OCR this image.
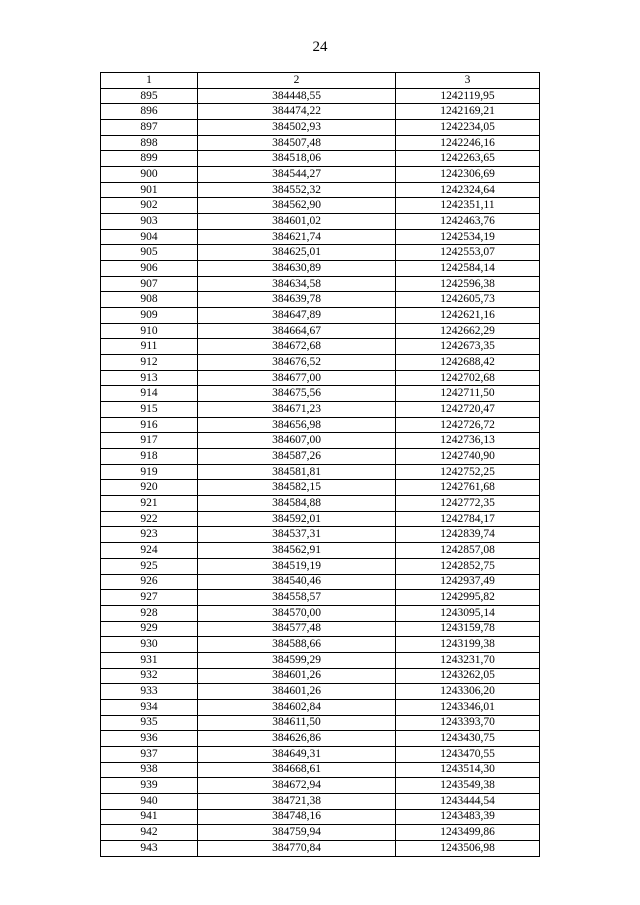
24
1	2	3
895	384448,55	1242119,95
896	384474,22	1242169,21
897	384502,93	1242234,05
898	384507,48	1242246,16
899	384518,06	1242263,65
900	384544,27	1242306,69
901	384552,32	1242324,64
902	384562,90	1242351,11
903	384601,02	1242463,76
904	384621,74	1242534,19
905	384625,01	1242553,07
906	384630,89	1242584,14
907	384634,58	1242596,38
908	384639,78	1242605,73
909	384647,89	1242621,16
910	384664,67	1242662,29
911	384672,68	1242673,35
912	384676,52	1242688,42
913	384677,00	1242702,68
914	384675,56	1242711,50
915	384671,23	1242720,47
916	384656,98	1242726,72
917	384607,00	1242736,13
918	384587,26	1242740,90
919	384581,81	1242752,25
920	384582,15	1242761,68
921	384584,88	1242772,35
922	384592,01	1242784,17
923	384537,31	1242839,74
924	384562,91	1242857,08
925	384519,19	1242852,75
926	384540,46	1242937,49
927	384558,57	1242995,82
928	384570,00	1243095,14
929	384577,48	1243159,78
930	384588,66	1243199,38
931	384599,29	1243231,70
932	384601,26	1243262,05
933	384601,26	1243306,20
934	384602,84	1243346,01
935	384611,50	1243393,70
936	384626,86	1243430,75
937	384649,31	1243470,55
938	384668,61	1243514,30
939	384672,94	1243549,38
940	384721,38	1243444,54
941	384748,16	1243483,39
942	384759,94	1243499,86
943	384770,84	1243506,98
